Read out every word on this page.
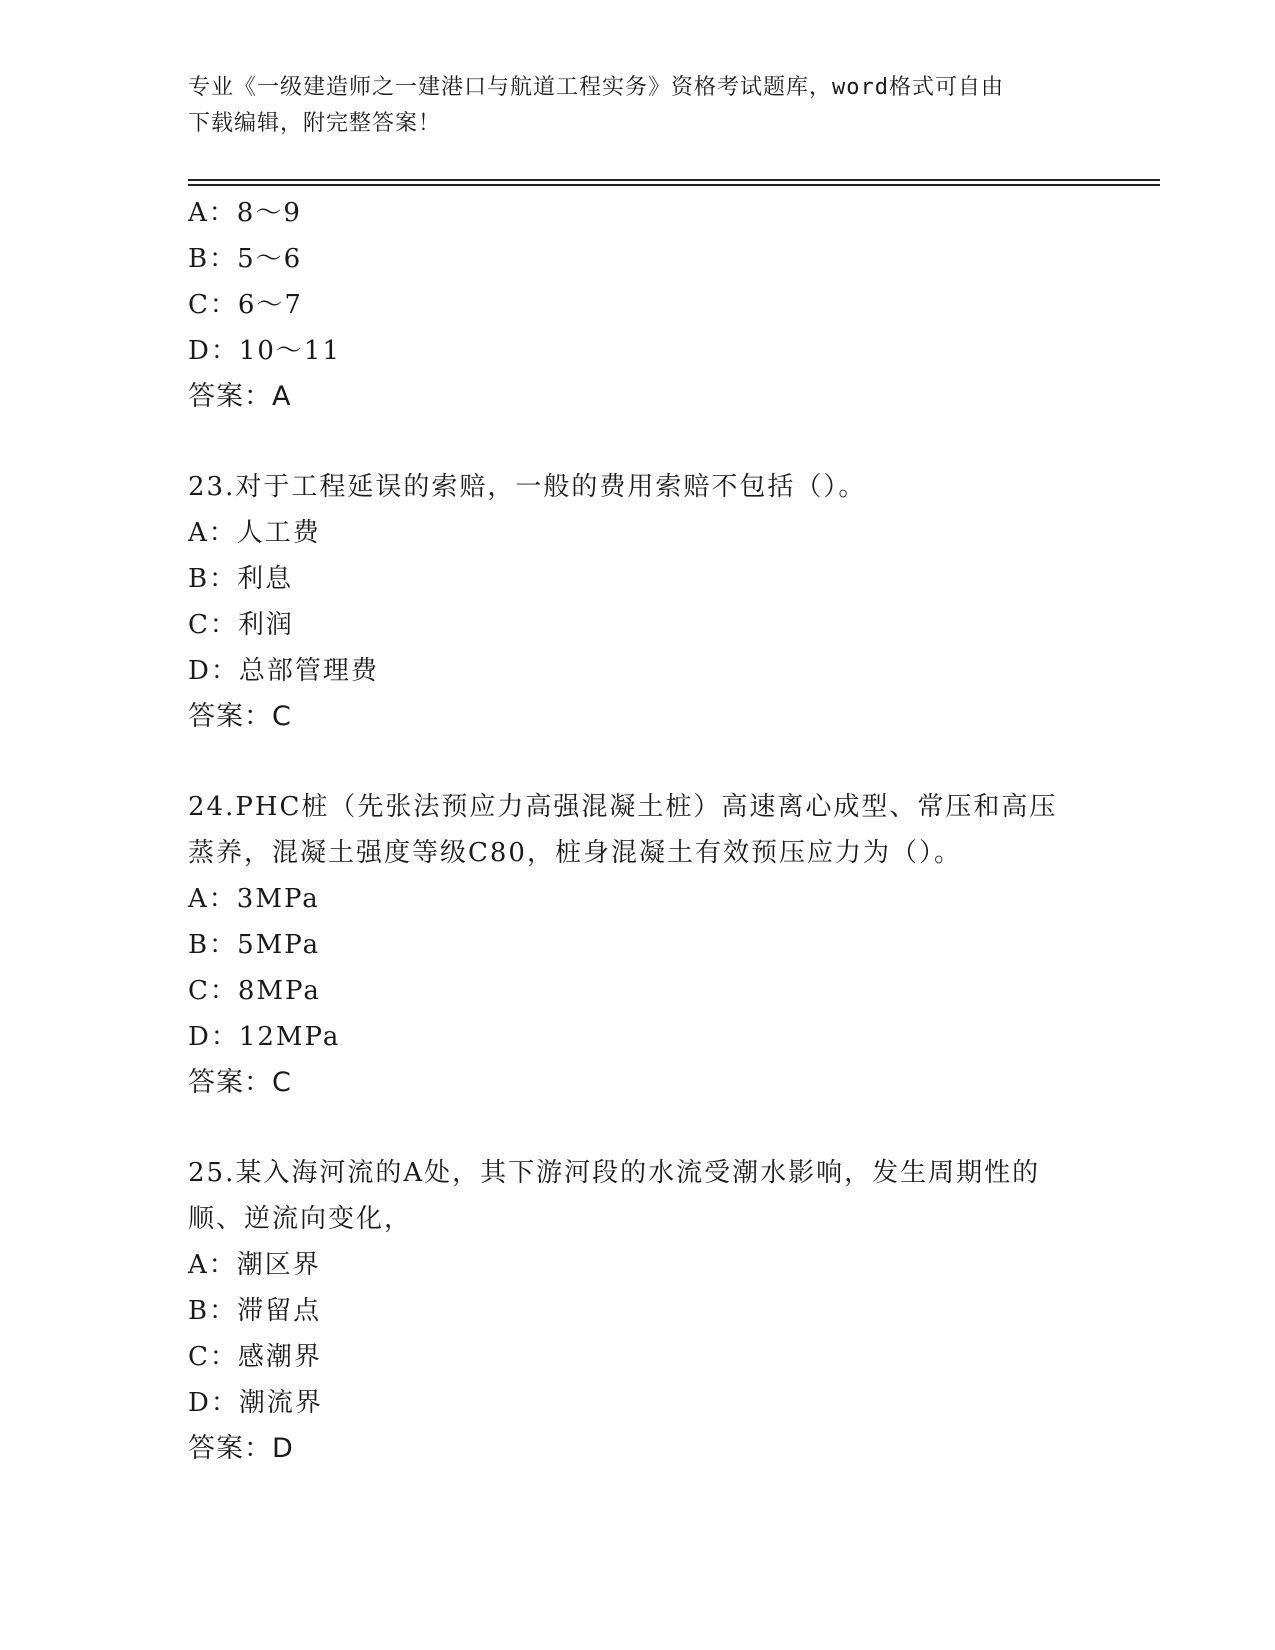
专业《一级建造师之一建港口与航道工程实务》资格考试题库，word格式可自由
下载编辑，附完整答案！
A：8～9
B：5～6
C：6～7
D：10～11
答案：A
23.对于工程延误的索赔，一般的费用索赔不包括（）。
A：人工费
B：利息
C：利润
D：总部管理费
答案：C
24.PHC桩（先张法预应力高强混凝土桩）高速离心成型、常压和高压
蒸养，混凝土强度等级C80，桩身混凝土有效预压应力为（）。
A：3MPa
B：5MPa
C：8MPa
D：12MPa
答案：C
25.某入海河流的A处，其下游河段的水流受潮水影响，发生周期性的
顺、逆流向变化，
A：潮区界
B：滞留点
C：感潮界
D：潮流界
答案：D
